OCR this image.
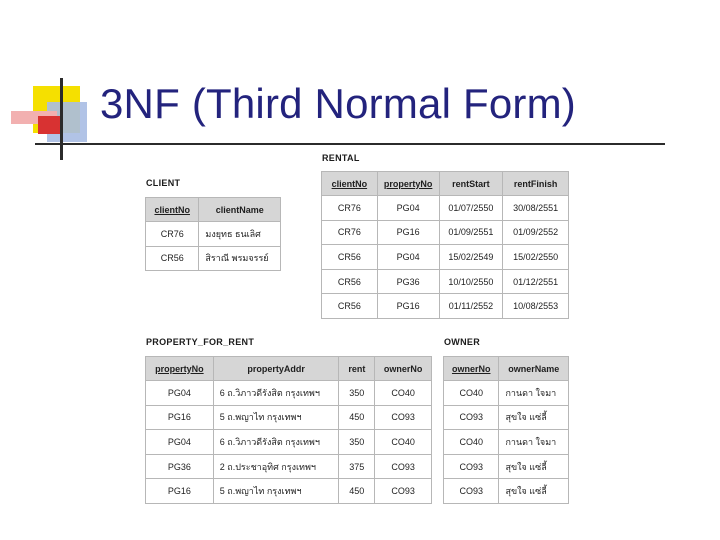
3NF (Third Normal Form)
CLIENT
clientNo	clientName
CR76	มงยุทธ ธนเลิศ
CR56	สิราณี พรมจรรย์
RENTAL
clientNo	propertyNo	rentStart	rentFinish
CR76	PG04	01/07/2550	30/08/2551
CR76	PG16	01/09/2551	01/09/2552
CR56	PG04	15/02/2549	15/02/2550
CR56	PG36	10/10/2550	01/12/2551
CR56	PG16	01/11/2552	10/08/2553
PROPERTY_FOR_RENT
propertyNo	propertyAddr	rent	ownerNo
PG04	6 ถ.วิภาวดีรังสิต กรุงเทพฯ	350	CO40
PG16	5 ถ.พญาไท กรุงเทพฯ	450	CO93
PG04	6 ถ.วิภาวดีรังสิต กรุงเทพฯ	350	CO40
PG36	2 ถ.ประชาอุทิศ กรุงเทพฯ	375	CO93
PG16	5 ถ.พญาไท กรุงเทพฯ	450	CO93
OWNER
ownerNo	ownerName
CO40	กานดา ใจมา
CO93	สุขใจ แซ่ลี้
CO40	กานดา ใจมา
CO93	สุขใจ แซ่ลี้
CO93	สุขใจ แซ่ลี้
